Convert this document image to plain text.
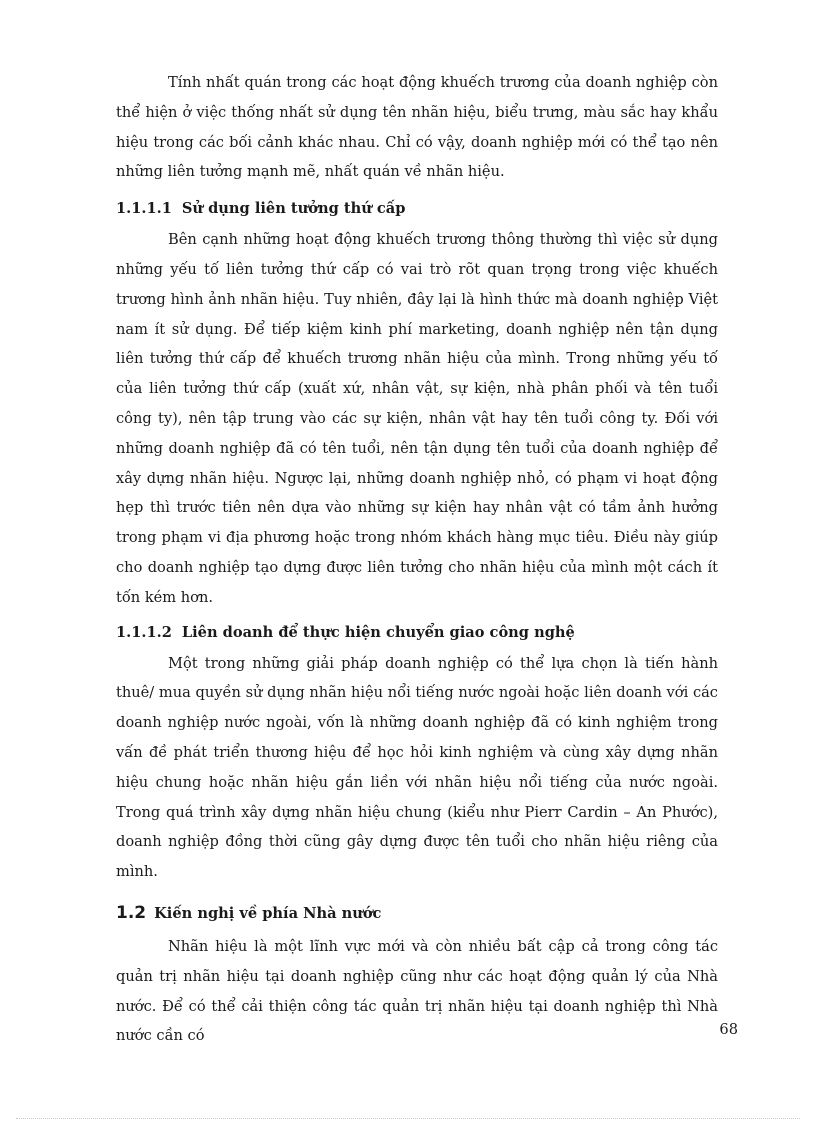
Tính nhất quán trong các hoạt động khuếch trương của doanh nghiệp còn thể hiện ở việc thống nhất sử dụng tên nhãn hiệu, biểu trưng, màu sắc hay khẩu hiệu trong các bối cảnh khác nhau. Chỉ có vậy, doanh nghiệp mới có thể tạo nên những liên tưởng mạnh mẽ, nhất quán về nhãn hiệu.

1.1.1.1 Sử dụng liên tưởng thứ cấp

Bên cạnh những hoạt động khuếch trương thông thường thì việc sử dụng những yếu tố liên tưởng thứ cấp có vai trò rõt quan trọng trong việc khuếch trương hình ảnh nhãn hiệu. Tuy nhiên, đây lại là hình thức mà doanh nghiệp Việt nam ít sử dụng. Để tiếp kiệm kinh phí marketing, doanh nghiệp nên tận dụng liên tưởng thứ cấp để khuếch trương nhãn hiệu của mình. Trong những yếu tố của liên tưởng thứ cấp (xuất xứ, nhân vật, sự kiện, nhà phân phối và tên tuổi công ty), nên tập trung vào các sự kiện, nhân vật hay tên tuổi công ty. Đối với những doanh nghiệp đã có tên tuổi, nên tận dụng tên tuổi của doanh nghiệp để xây dựng nhãn hiệu. Ngược lại, những doanh nghiệp nhỏ, có phạm vi hoạt động hẹp thì trước tiên nên dựa vào những sự kiện hay nhân vật có tầm ảnh hưởng trong phạm vi địa phương hoặc trong nhóm khách hàng mục tiêu. Điều này giúp cho doanh nghiệp tạo dựng được liên tưởng cho nhãn hiệu của mình một cách ít tốn kém hơn.

1.1.1.2 Liên doanh để thực hiện chuyển giao công nghệ

Một trong những giải pháp doanh nghiệp có thể lựa chọn là tiến hành thuê/ mua quyền sử dụng nhãn hiệu nổi tiếng nước ngoài hoặc liên doanh với các doanh nghiệp nước ngoài, vốn là những doanh nghiệp đã có kinh nghiệm trong vấn đề phát triển thương hiệu để học hỏi kinh nghiệm và cùng xây dựng nhãn hiệu chung hoặc nhãn hiệu gắn liền với nhãn hiệu nổi tiếng của nước ngoài. Trong quá trình xây dựng nhãn hiệu chung (kiểu như Pierr Cardin – An Phước), doanh nghiệp đồng thời cũng gây dựng được tên tuổi cho nhãn hiệu riêng của mình.

1.2 Kiến nghị về phía Nhà nước

Nhãn hiệu là một lĩnh vực mới và còn nhiều bất cập cả trong công tác quản trị nhãn hiệu tại doanh nghiệp cũng như các hoạt động quản lý của Nhà nước. Để có thể cải thiện công tác quản trị nhãn hiệu tại doanh nghiệp thì Nhà nước cần có	68
